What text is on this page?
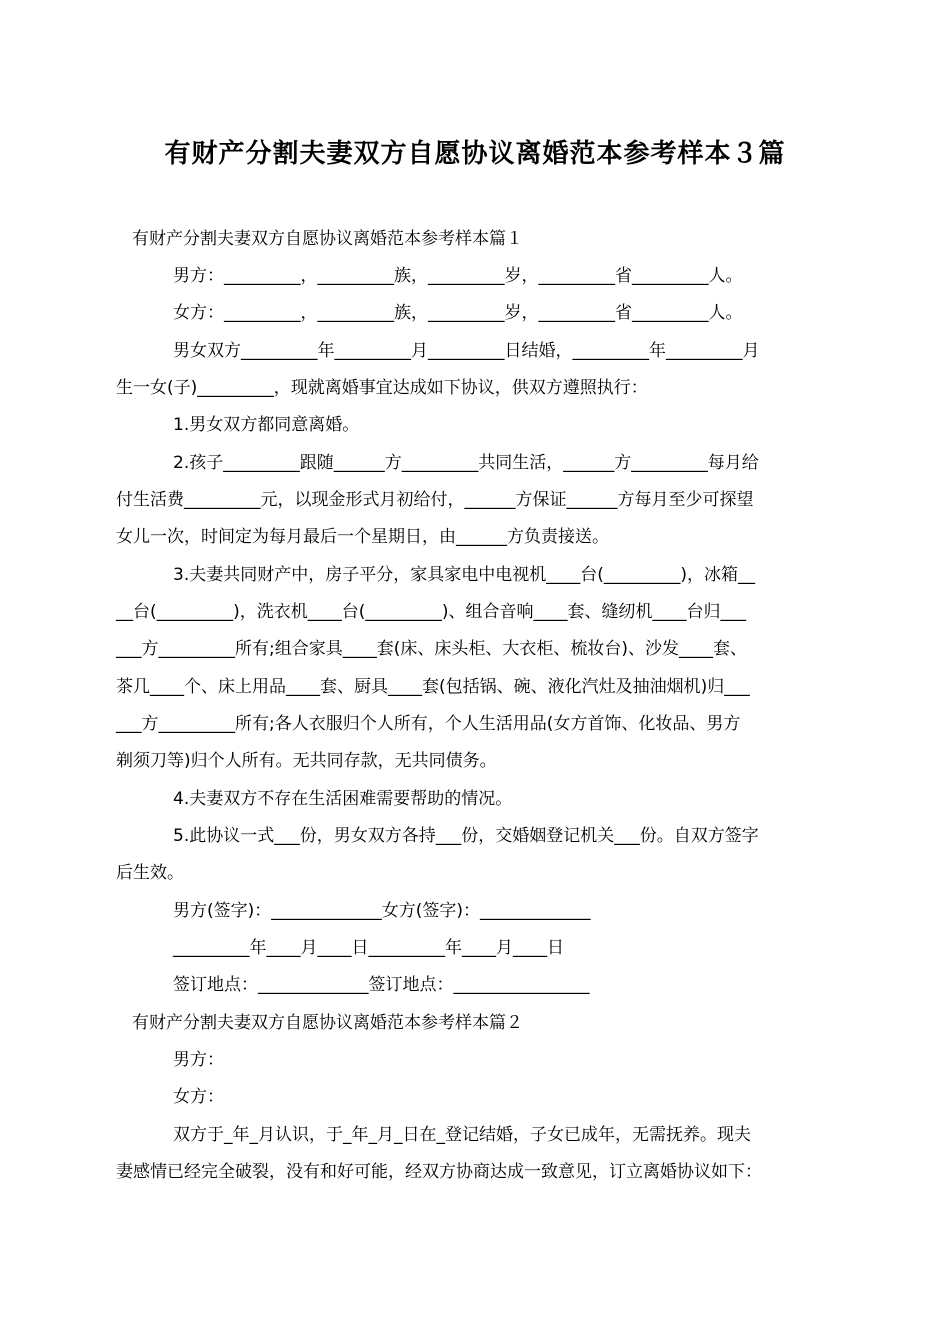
有财产分割夫妻双方自愿协议离婚范本参考样本３篇
有财产分割夫妻双方自愿协议离婚范本参考样本篇１
男方：_________，_________族，_________岁，_________省_________人。
女方：_________，_________族，_________岁，_________省_________人。
男女双方_________年_________月_________日结婚，_________年_________月
生一女(子)_________，现就离婚事宜达成如下协议，供双方遵照执行：
1.男女双方都同意离婚。
2.孩子_________跟随______方_________共同生活，______方_________每月给
付生活费_________元，以现金形式月初给付，______方保证______方每月至少可探望
女儿一次，时间定为每月最后一个星期日，由______方负责接送。
3.夫妻共同财产中，房子平分，家具家电中电视机____台(_________)，冰箱__
__台(_________)，洗衣机____台(_________)、组合音响____套、缝纫机____台归___
___方_________所有;组合家具____套(床、床头柜、大衣柜、梳妆台)、沙发____套、
茶几____个、床上用品____套、厨具____套(包括锅、碗、液化汽灶及抽油烟机)归___
___方_________所有;各人衣服归个人所有，个人生活用品(女方首饰、化妆品、男方
剃须刀等)归个人所有。无共同存款，无共同债务。
4.夫妻双方不存在生活困难需要帮助的情况。
5.此协议一式___份，男女双方各持___份，交婚姻登记机关___份。自双方签字
后生效。
男方(签字)：_____________女方(签字)：_____________
_________年____月____日_________年____月____日
签订地点：_____________签订地点：________________
有财产分割夫妻双方自愿协议离婚范本参考样本篇２
男方：
女方：
双方于_年_月认识，于_年_月_日在_登记结婚，子女已成年，无需抚养。现夫
妻感情已经完全破裂，没有和好可能，经双方协商达成一致意见，订立离婚协议如下：
